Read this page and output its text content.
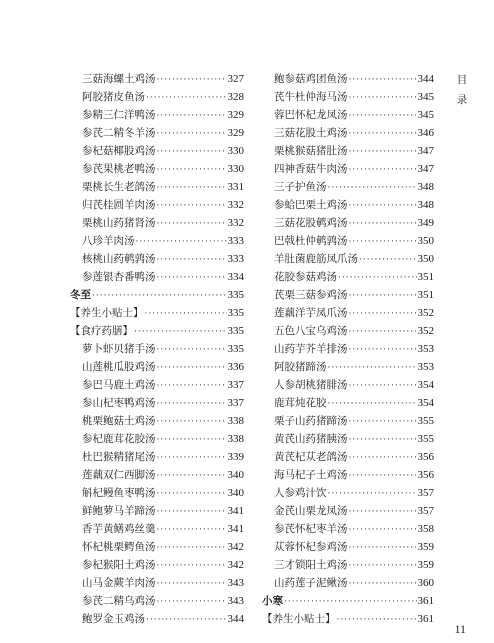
三菇海螺土鸡汤 ·····	327
阿胶猪皮鱼汤 ·····	328
参精三仁洋鸭汤 ·····	329
参芪二精冬羊汤 ·····	329
参杞菇椰股鸡汤 ·····	330
参芪果桃老鸭汤 ·····	330
栗桃长生老鸽汤 ·····	331
归芪桂圆羊肉汤 ·····	332
栗桃山药猪肾汤 ·····	332
八珍羊肉汤 ·····	333
核桃山药鹌鹑汤 ·····	333
参莲银杏番鸭汤 ·····	334
冬至 ·····	335
【养生小贴士】 ·····	335
【食疗药膳】 ·····	335
萝卜虾贝猪手汤 ·····	335
山莲桃瓜股鸡汤 ·····	336
参巴马鹿土鸡汤 ·····	337
参山杞枣鸭鸡汤 ·····	337
桃栗鲍菇土鸡汤 ·····	338
参杞鹿茸花胶汤 ·····	338
杜巴猴精猪尾汤 ·····	339
莲藕双仁西脚汤 ·····	340
斛杞鳗鱼枣鸭汤 ·····	340
鲜鲍萝马羊蹄汤 ·····	341
香芋黄鳝鸡丝羹 ·····	341
怀杞桃栗鳄鱼汤 ·····	342
参杞猴阳土鸡汤 ·····	342
山马金蕨羊肉汤 ·····	343
参芪二精乌鸡汤 ·····	343
鲍罗金玉鸡汤 ·····	344
鲍参菇鸡团鱼汤 ·····	344
芪牛杜仲海马汤 ·····	345
蓉巴怀杞龙凤汤 ·····	345
三菇花股土鸡汤 ·····	346
栗桃猴菇猪肚汤 ·····	347
四神香菇牛肉汤 ·····	347
三子护鱼汤 ·····	348
参蛤巴栗土鸡汤 ·····	348
三菇花股鹌鸡汤 ·····	349
巴戟杜仲鹌鹑汤 ·····	350
羊肚菌鹿筋凤爪汤 ·····	350
花胶参菇鸡汤 ·····	351
芪栗三菇参鸡汤 ·····	351
莲藕洋芋凤爪汤 ·····	352
五色八宝乌鸡汤 ·····	352
山药芋芥羊排汤 ·····	353
阿胶猪蹄汤 ·····	353
人参胡桃猪腓汤 ·····	354
鹿茸炖花胶 ·····	354
栗子山药猪蹄汤 ·····	355
黄芪山药猪胰汤 ·····	355
黄芪杞苁老鸽汤 ·····	356
海马杞子土鸡汤 ·····	356
人参鸡汁饮 ·····	357
金芪山栗龙凤汤 ·····	357
参芪怀杞枣羊汤 ·····	358
苁蓉怀杞参鸡汤 ·····	359
三才锁阳土鸡汤 ·····	359
山药莲子泥鳅汤 ·····	360
小寒 ·····	361
【养生小贴士】 ·····	361
目
录
11
